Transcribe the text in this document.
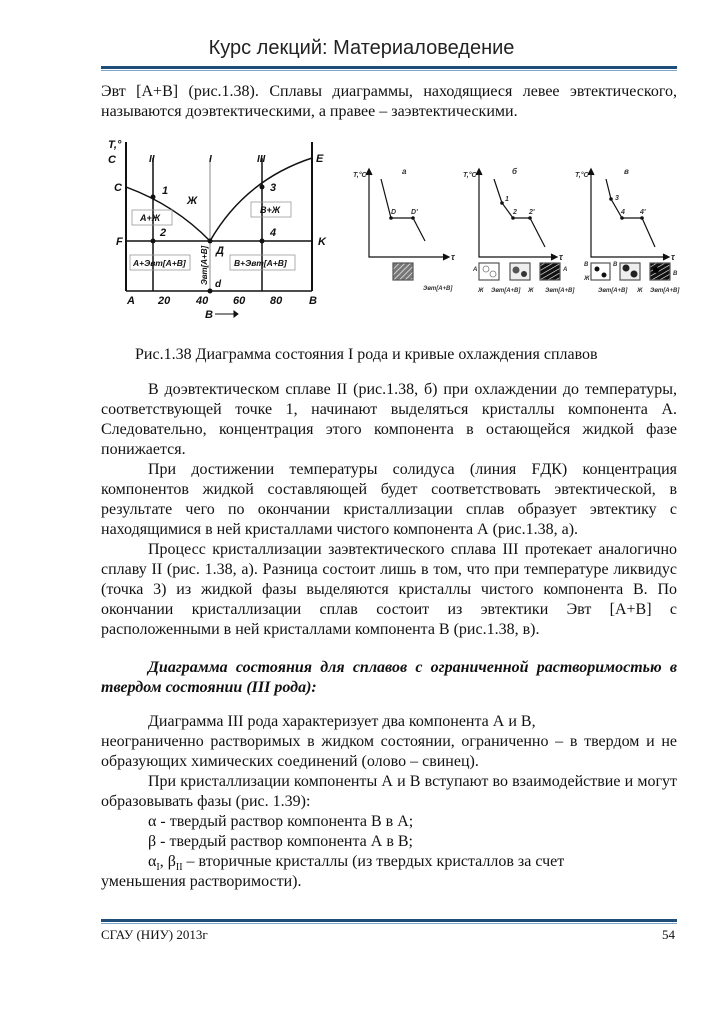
Курс лекций: Материаловедение
T,°
C
C
E
II	I	III
1
2
3
4
F	K
Д
d
Ж
А+Ж
В+Ж
А+Эвт[А+В]	В+Эвт[А+В]
Эвт[А+В]
A 20 40 60 80 B
В
T,°C	T,°C	T,°C
τ	τ	τ
а	б	в
D D'
1
2 2'
3
4 4'
Эвт[А+В]
А
Ж Эвт[А+В] Ж
А
Эвт[А+В]
В
Ж
В
Эвт[А+В] Ж
В
Эвт[А+В]
Эвт [А+В] (рис.1.38). Сплавы диаграммы, находящиеся левее эвтектического, называются доэвтектическими, а правее – заэвтектическими.
Рис.1.38 Диаграмма состояния I рода и кривые охлаждения сплавов
В доэвтектическом сплаве II (рис.1.38, б) при охлаждении до температуры, соответствующей точке 1, начинают выделяться кристаллы компонента А. Следовательно, концентрация этого компонента в остающейся жидкой фазе понижается.
При достижении температуры солидуса (линия FДК) концентрация компонентов жидкой составляющей будет соответствовать эвтектической, в результате чего по окончании кристаллизации сплав образует эвтектику с находящимися в ней кристаллами чистого компонента А (рис.1.38, а).
Процесс кристаллизации заэвтектического сплава III протекает аналогично сплаву II (рис. 1.38, а). Разница состоит лишь в том, что при температуре ликвидус (точка 3) из жидкой фазы выделяются кристаллы чистого компонента В. По окончании кристаллизации сплав состоит из эвтектики Эвт [А+В] с расположенными в ней кристаллами компонента В (рис.1.38, в).
Диаграмма состояния для сплавов с ограниченной растворимостью в твердом состоянии (III рода):
Диаграмма III рода характеризует два компонента А и В,
неограниченно растворимых в жидком состоянии, ограниченно – в твердом и не образующих химических соединений (олово – свинец).
При кристаллизации компоненты А и В вступают во взаимодействие и могут образовывать фазы (рис. 1.39):
α - твердый раствор компонента В в А;
β - твердый раствор компонента А в В;
$\alpha_I$, $\beta_{II}$ – вторичные кристаллы (из твердых кристаллов за счет
уменьшения растворимости).
СГАУ (НИУ) 2013г	54
